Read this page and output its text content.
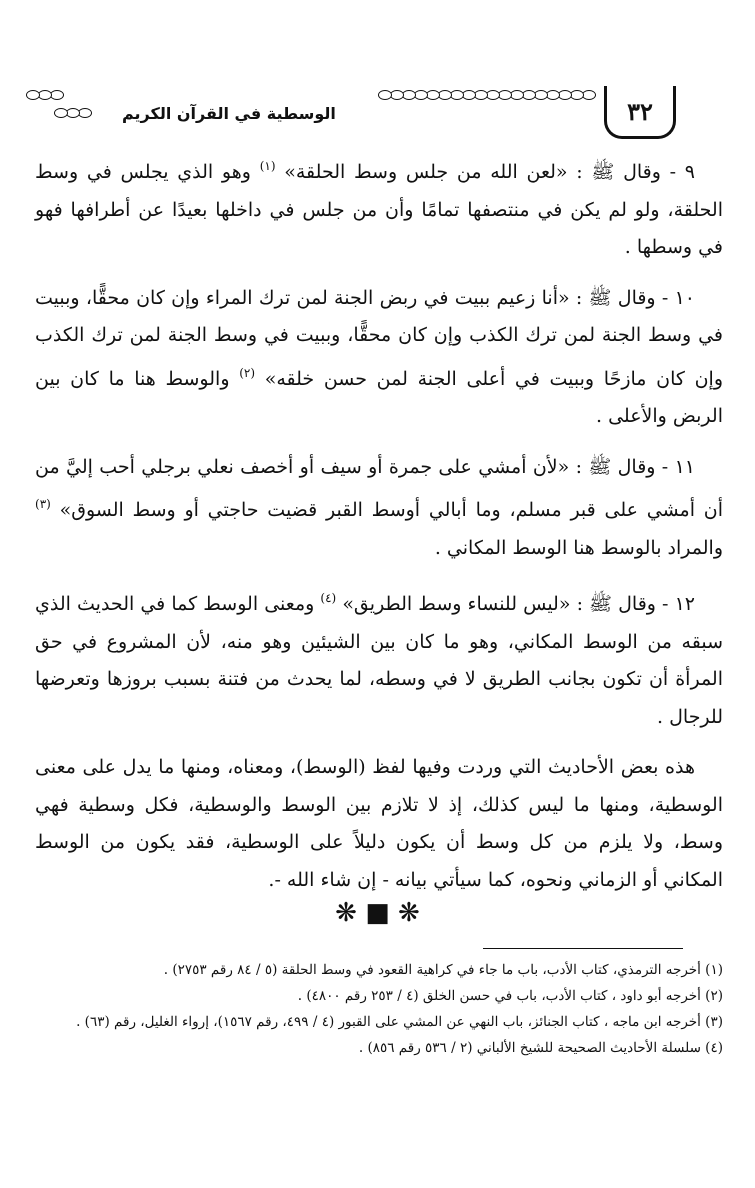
٣٢
الوسطية في القرآن الكريم

٩ - وقال ﷺ : «لعن الله من جلس وسط الحلقة» $^{(١)}$ وهو الذي يجلس في وسط الحلقة، ولو لم يكن في منتصفها تمامًا وأن من جلس في داخلها بعيدًا عن أطرافها فهو في وسطها .

١٠ - وقال ﷺ : «أنا زعيم ببيت في ربض الجنة لمن ترك المراء وإن كان محقًّا، وببيت في وسط الجنة لمن ترك الكذب وإن كان محقًّا، وببيت في وسط الجنة لمن ترك الكذب وإن كان مازحًا وببيت في أعلى الجنة لمن حسن خلقه» $^{(٢)}$ والوسط هنا ما كان بين الربض والأعلى .

١١ - وقال ﷺ : «لأن أمشي على جمرة أو سيف أو أخصف نعلي برجلي أحب إليَّ من أن أمشي على قبر مسلم، وما أبالي أوسط القبر قضيت حاجتي أو وسط السوق» $^{(٣)}$ والمراد بالوسط هنا الوسط المكاني .

١٢ - وقال ﷺ : «ليس للنساء وسط الطريق» $^{(٤)}$ ومعنى الوسط كما في الحديث الذي سبقه من الوسط المكاني، وهو ما كان بين الشيئين وهو منه، لأن المشروع في حق المرأة أن تكون بجانب الطريق لا في وسطه، لما يحدث من فتنة بسبب بروزها وتعرضها للرجال .

هذه بعض الأحاديث التي وردت وفيها لفظ (الوسط)، ومعناه، ومنها ما يدل على معنى الوسطية، ومنها ما ليس كذلك، إذ لا تلازم بين الوسط والوسطية، فكل وسطية فهي وسط، ولا يلزم من كل وسط أن يكون دليلاً على الوسطية، فقد يكون من الوسط المكاني أو الزماني ونحوه، كما سيأتي بيانه - إن شاء الله -.

❋ ■ ❋

(١) أخرجه الترمذي، كتاب الأدب، باب ما جاء في كراهية القعود في وسط الحلقة (٥ / ٨٤ رقم ٢٧٥٣) .

(٢) أخرجه أبو داود ، كتاب الأدب، باب في حسن الخلق (٤ / ٢٥٣ رقم ٤٨٠٠) .

(٣) أخرجه ابن ماجه ، كتاب الجنائز، باب النهي عن المشي على القبور (٤ / ٤٩٩، رقم ١٥٦٧)، إرواء الغليل، رقم (٦٣) .

(٤) سلسلة الأحاديث الصحيحة للشيخ الألباني (٢ / ٥٣٦ رقم ٨٥٦) .
